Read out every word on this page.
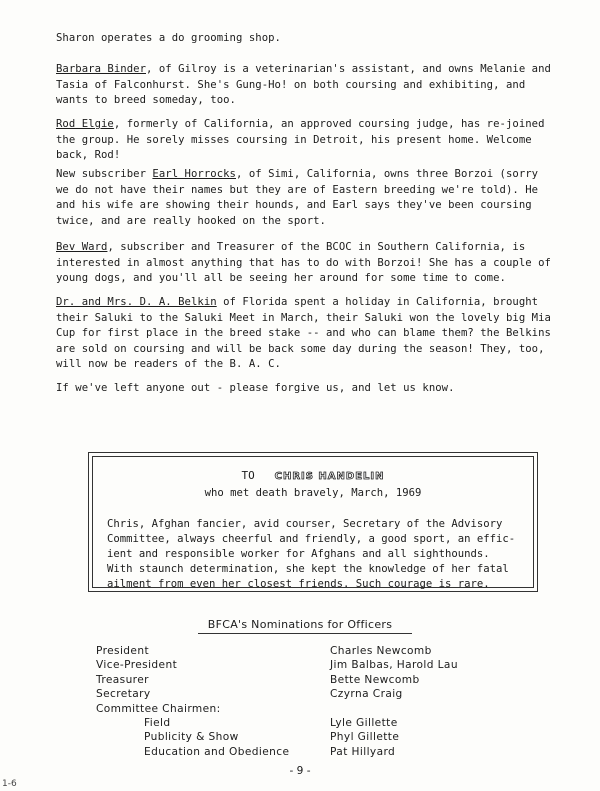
Sharon operates a do grooming shop.
Barbara Binder, of Gilroy is a veterinarian's assistant, and owns Melanie and Tasia of Falconhurst. She's Gung-Ho! on both coursing and exhibiting, and wants to breed someday, too.
Rod Elgie, formerly of California, an approved coursing judge, has re-joined the group. He sorely misses coursing in Detroit, his present home. Welcome back, Rod!
New subscriber Earl Horrocks, of Simi, California, owns three Borzoi (sorry we do not have their names but they are of Eastern breeding we're told). He and his wife are showing their hounds, and Earl says they've been coursing twice, and are really hooked on the sport.
Bev Ward, subscriber and Treasurer of the BCOC in Southern California, is interested in almost anything that has to do with Borzoi! She has a couple of young dogs, and you'll all be seeing her around for some time to come.
Dr. and Mrs. D. A. Belkin of Florida spent a holiday in California, brought their Saluki to the Saluki Meet in March, their Saluki won the lovely big Mia Cup for first place in the breed stake -- and who can blame them? the Belkins are sold on coursing and will be back some day during the season! They, too, will now be readers of the B. A. C.
If we've left anyone out - please forgive us, and let us know.
TO CHRIS HANDELIN
who met death bravely, March, 1969
Chris, Afghan fancier, avid courser, Secretary of the Advisory Committee, always cheerful and friendly, a good sport, an effic-ient and responsible worker for Afghans and all sighthounds. With staunch determination, she kept the knowledge of her fatal ailment from even her closest friends. Such courage is rare.
BFCA's Nominations for Officers
President	Charles Newcomb
Vice-President	Jim Balbas, Harold Lau
Treasurer	Bette Newcomb
Secretary	Czyrna Craig
Committee Chairmen:
Field	Lyle Gillette
Publicity & Show	Phyl Gillette
Education and Obedience	Pat Hillyard
- 9 -
1-6
